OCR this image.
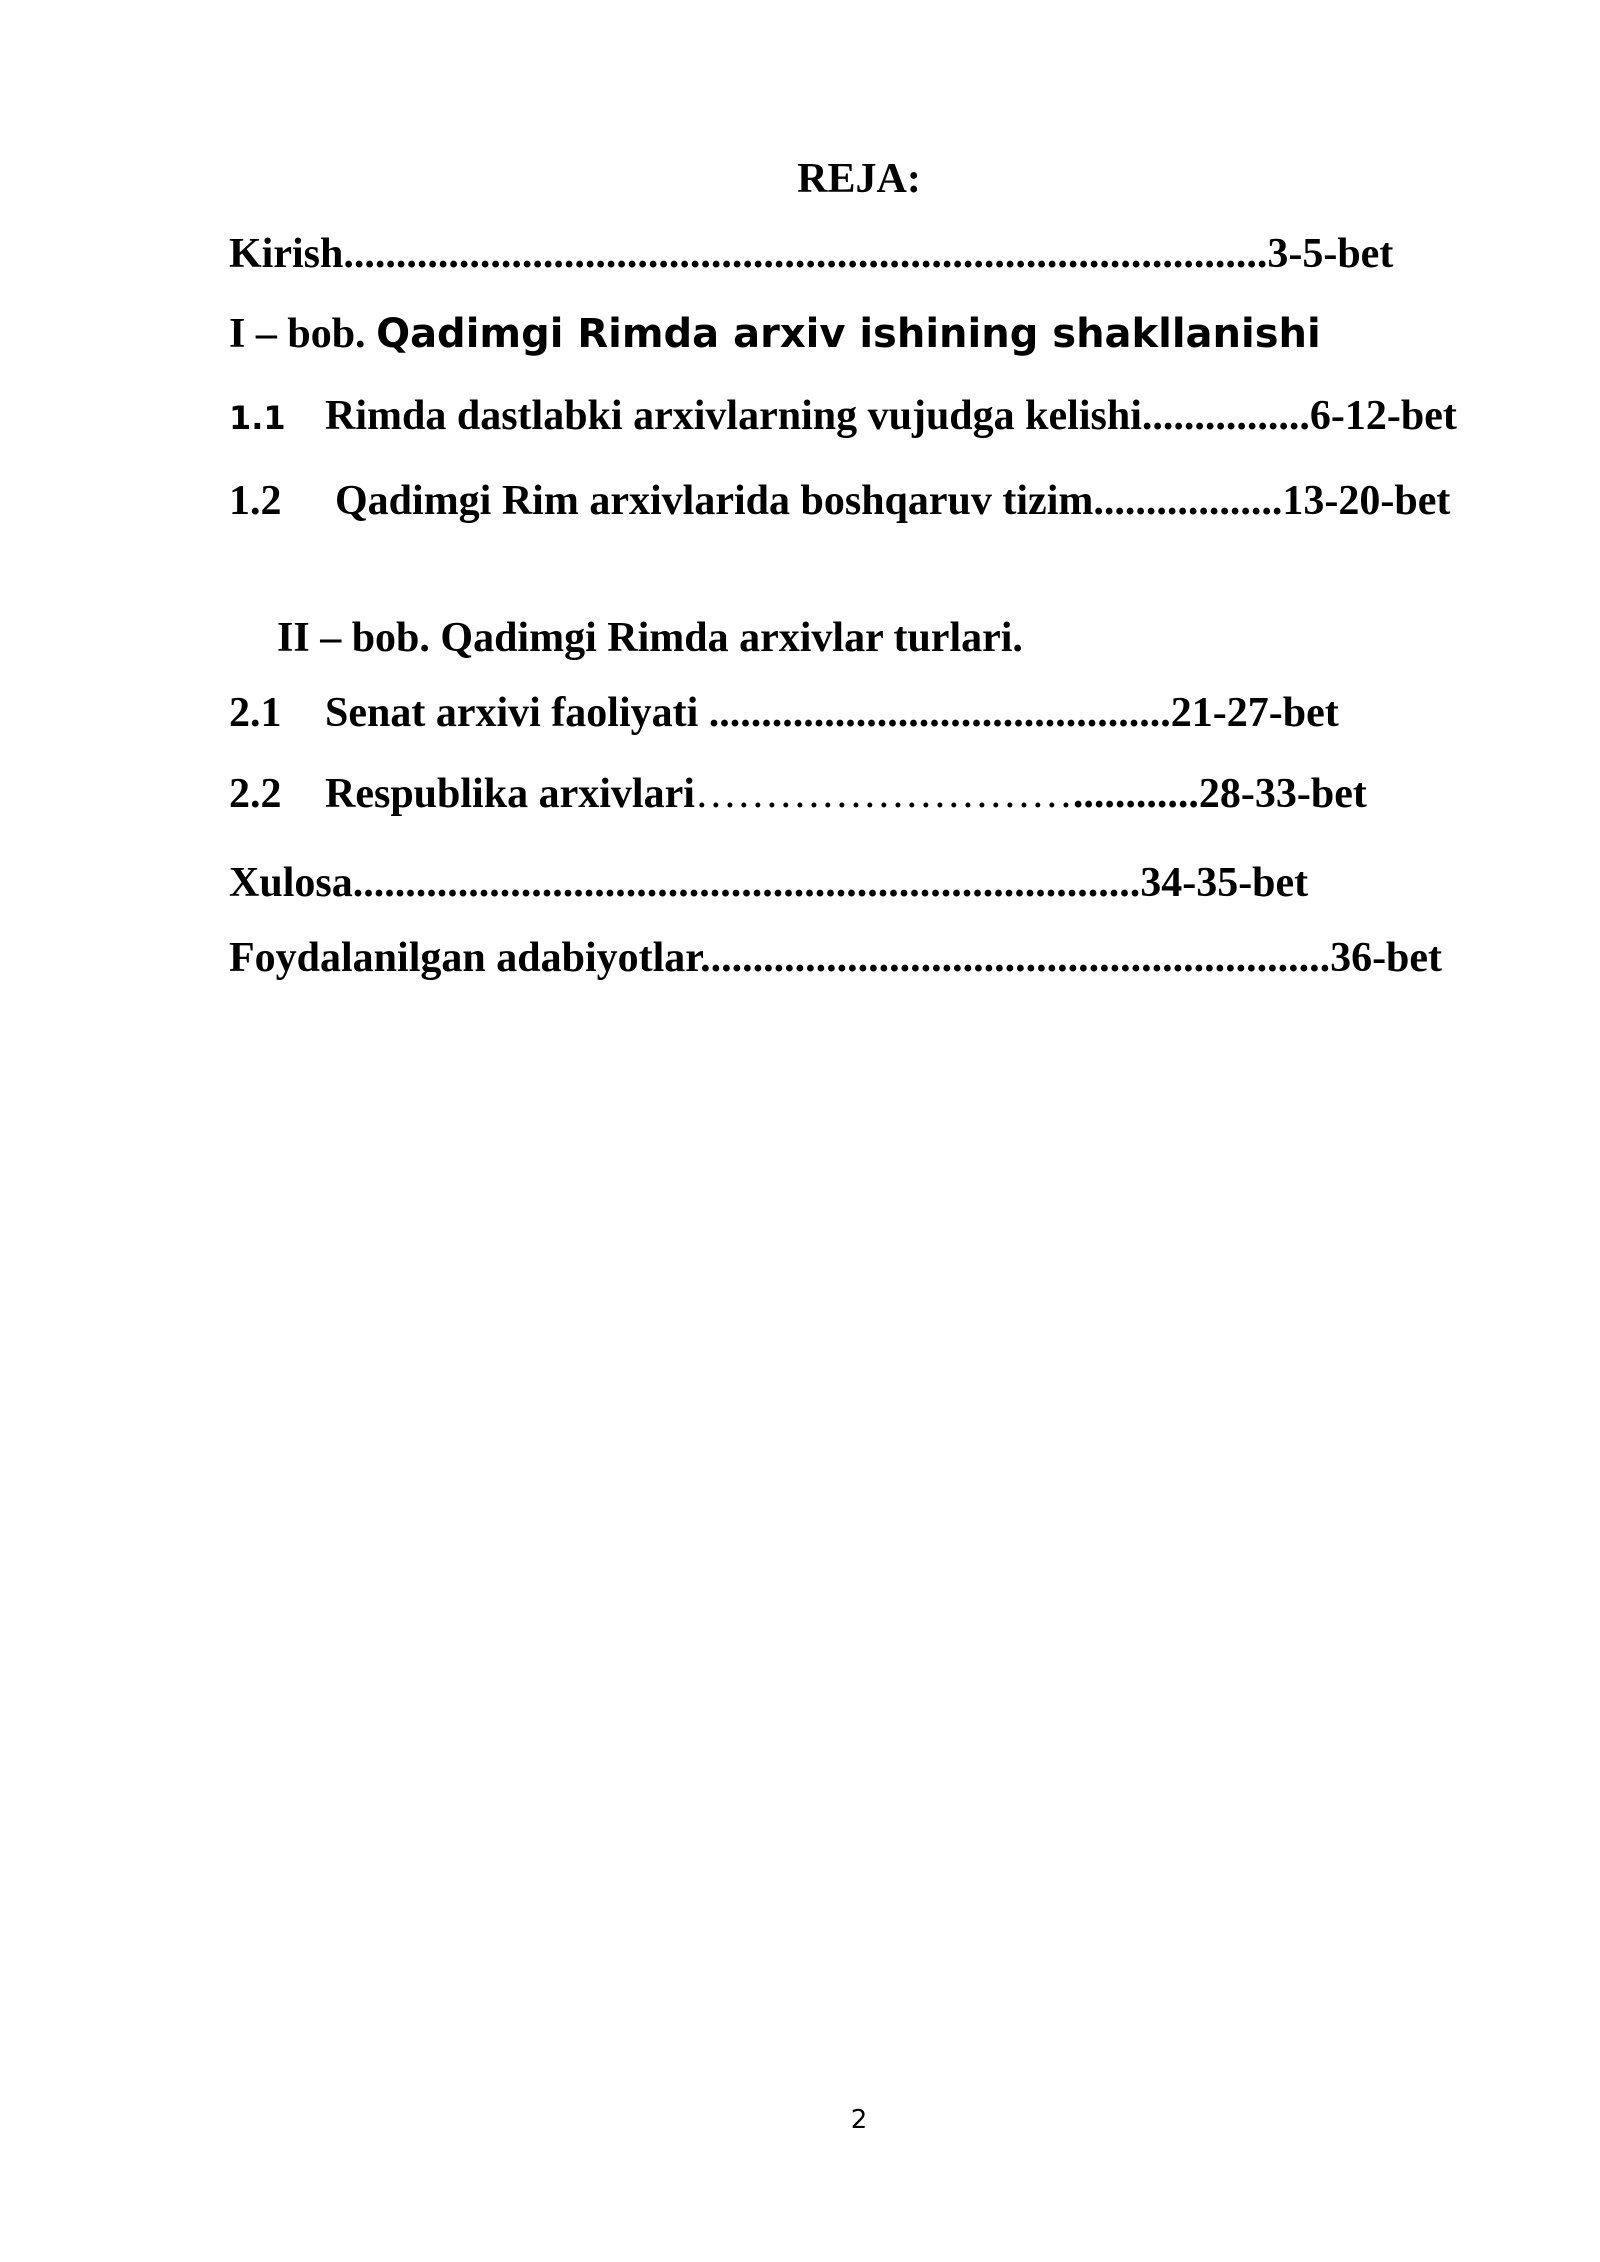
REJA:
Kirish........................................................................................3-5-bet
I – bob. Qadimgi Rimda arxiv ishining shakllanishi
1.1 Rimda dastlabki arxivlarning vujudga kelishi................6-12-bet
1.2 Qadimgi Rim arxivlarida boshqaruv tizim..................13-20-bet
II – bob. Qadimgi Rimda arxivlar turlari.
2.1 Senat arxivi faoliyati ............................................21-27-bet
2.2 Respublika arxivlari………………………............28-33-bet
Xulosa...........................................................................34-35-bet
Foydalanilgan adabiyotlar............................................................36-bet
2
